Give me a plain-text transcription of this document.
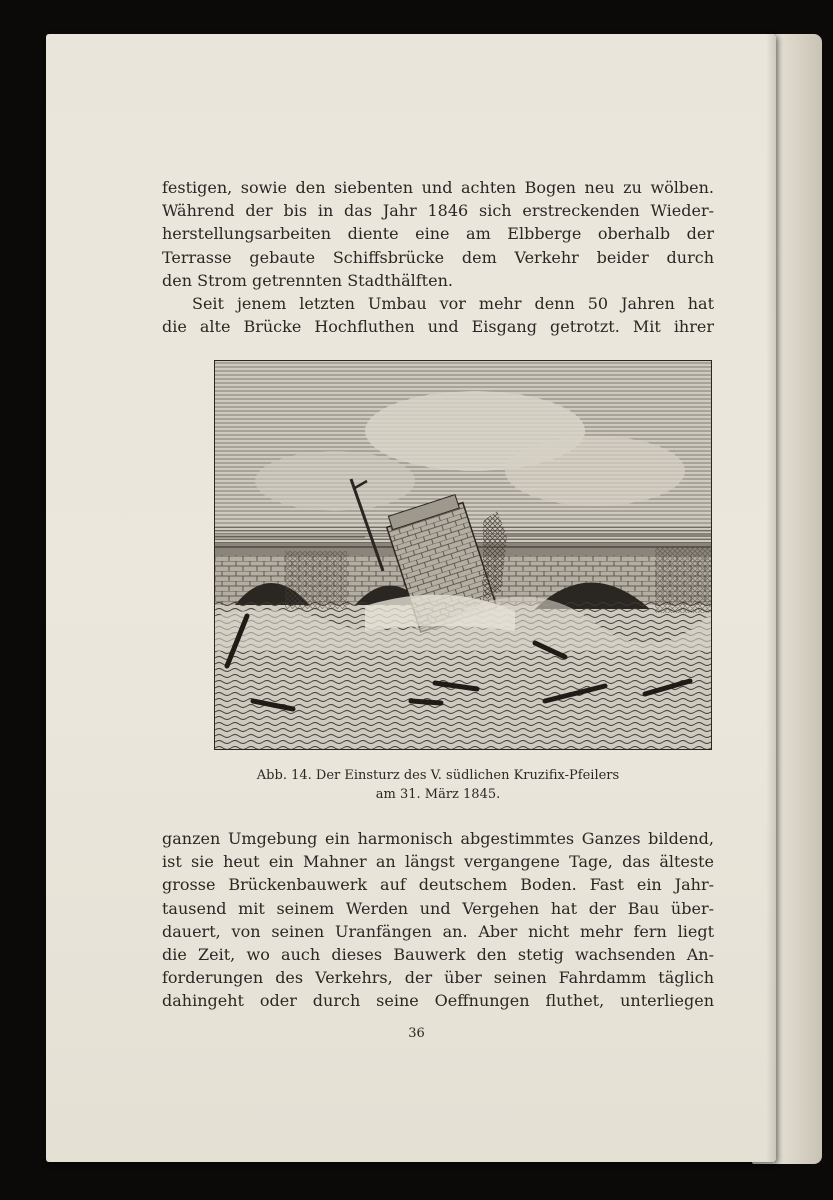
festigen, sowie den siebenten und achten Bogen neu zu wölben.
Während der bis in das Jahr 1846 sich erstreckenden Wieder-
herstellungsarbeiten diente eine am Elbberge oberhalb der
Terrasse gebaute Schiffsbrücke dem Verkehr beider durch
den Strom getrennten Stadthälften.
Seit jenem letzten Umbau vor mehr denn 50 Jahren hat
die alte Brücke Hochfluthen und Eisgang getrotzt. Mit ihrer
Abb. 14. Der Einsturz des V. südlichen Kruzifix-Pfeilers
am 31. März 1845.
ganzen Umgebung ein harmonisch abgestimmtes Ganzes bildend,
ist sie heut ein Mahner an längst vergangene Tage, das älteste
grosse Brückenbauwerk auf deutschem Boden. Fast ein Jahr-
tausend mit seinem Werden und Vergehen hat der Bau über-
dauert, von seinen Uranfängen an. Aber nicht mehr fern liegt
die Zeit, wo auch dieses Bauwerk den stetig wachsenden An-
forderungen des Verkehrs, der über seinen Fahrdamm täglich
dahingeht oder durch seine Oeffnungen fluthet, unterliegen
36
